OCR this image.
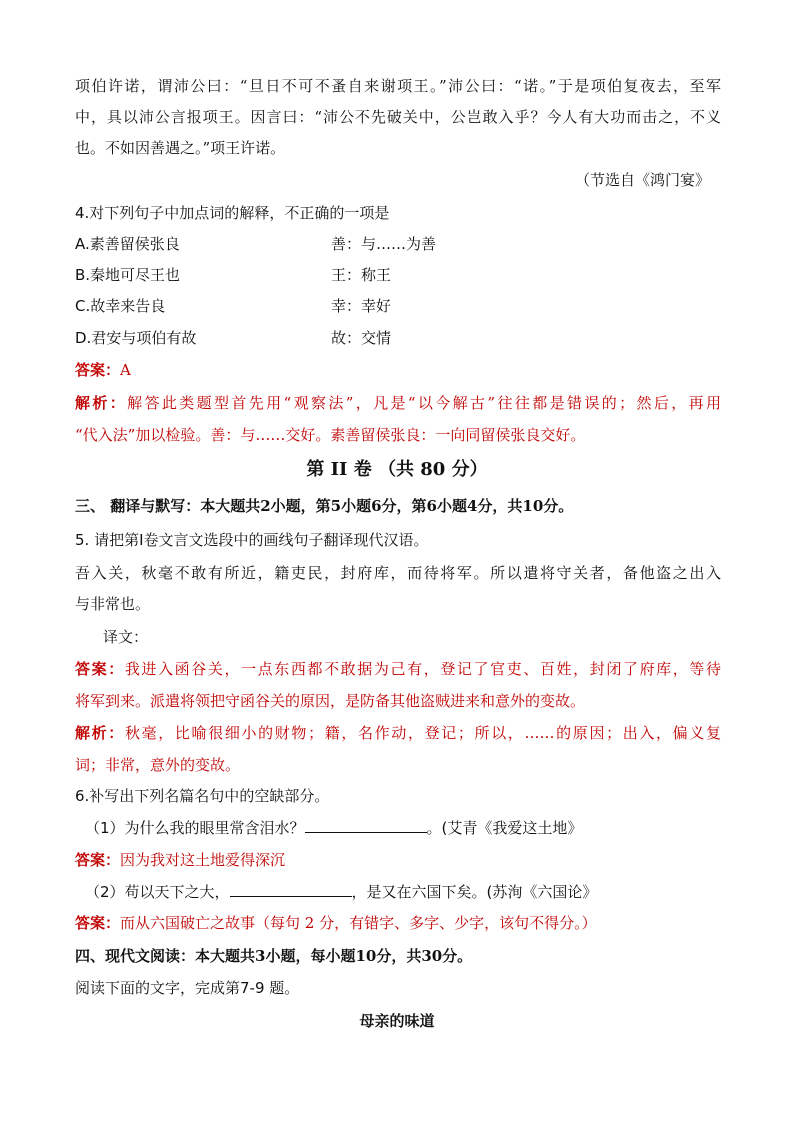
项伯许诺，谓沛公曰：“旦日不可不蚤自来谢项王。”沛公曰：“诺。”于是项伯复夜去，至军
中，具以沛公言报项王。因言曰：“沛公不先破关中，公岂敢入乎？今人有大功而击之，不义
也。不如因善遇之。”项王许诺。
（节选自《鸿门宴》
4.对下列句子中加点词的解释，不正确的一项是
A.素善留侯张良	善：与……为善
B.秦地可尽王也	王：称王
C.故幸来告良	幸：幸好
D.君安与项伯有故	故：交情
答案：A
解析：解答此类题型首先用“观察法”，凡是“以今解古”往往都是错误的；然后，再用
“代入法”加以检验。善：与……交好。素善留侯张良：一向同留侯张良交好。
第 II 卷 （共 80 分）
三、 翻译与默写：本大题共2小题，第5小题6分，第6小题4分，共10分。
5. 请把第Ⅰ卷文言文选段中的画线句子翻译现代汉语。
吾入关，秋毫不敢有所近，籍吏民，封府库，而待将军。所以遣将守关者，备他盗之出入
与非常也。
译文：
答案：我进入函谷关，一点东西都不敢据为己有，登记了官吏、百姓，封闭了府库，等待
将军到来。派遣将领把守函谷关的原因，是防备其他盗贼进来和意外的变故。
解析：秋毫，比喻很细小的财物；籍，名作动，登记；所以，……的原因；出入，偏义复
词；非常，意外的变故。
6.补写出下列名篇名句中的空缺部分。
（1）为什么我的眼里常含泪水？	。(艾青《我爱这土地》
答案：因为我对这土地爱得深沉
（2）苟以天下之大，	，是又在六国下矣。(苏洵《六国论》
答案：而从六国破亡之故事（每句 2 分，有错字、多字、少字，该句不得分。）
四、现代文阅读：本大题共3小题，每小题10分，共30分。
阅读下面的文字，完成第7-9 题。
母亲的味道
